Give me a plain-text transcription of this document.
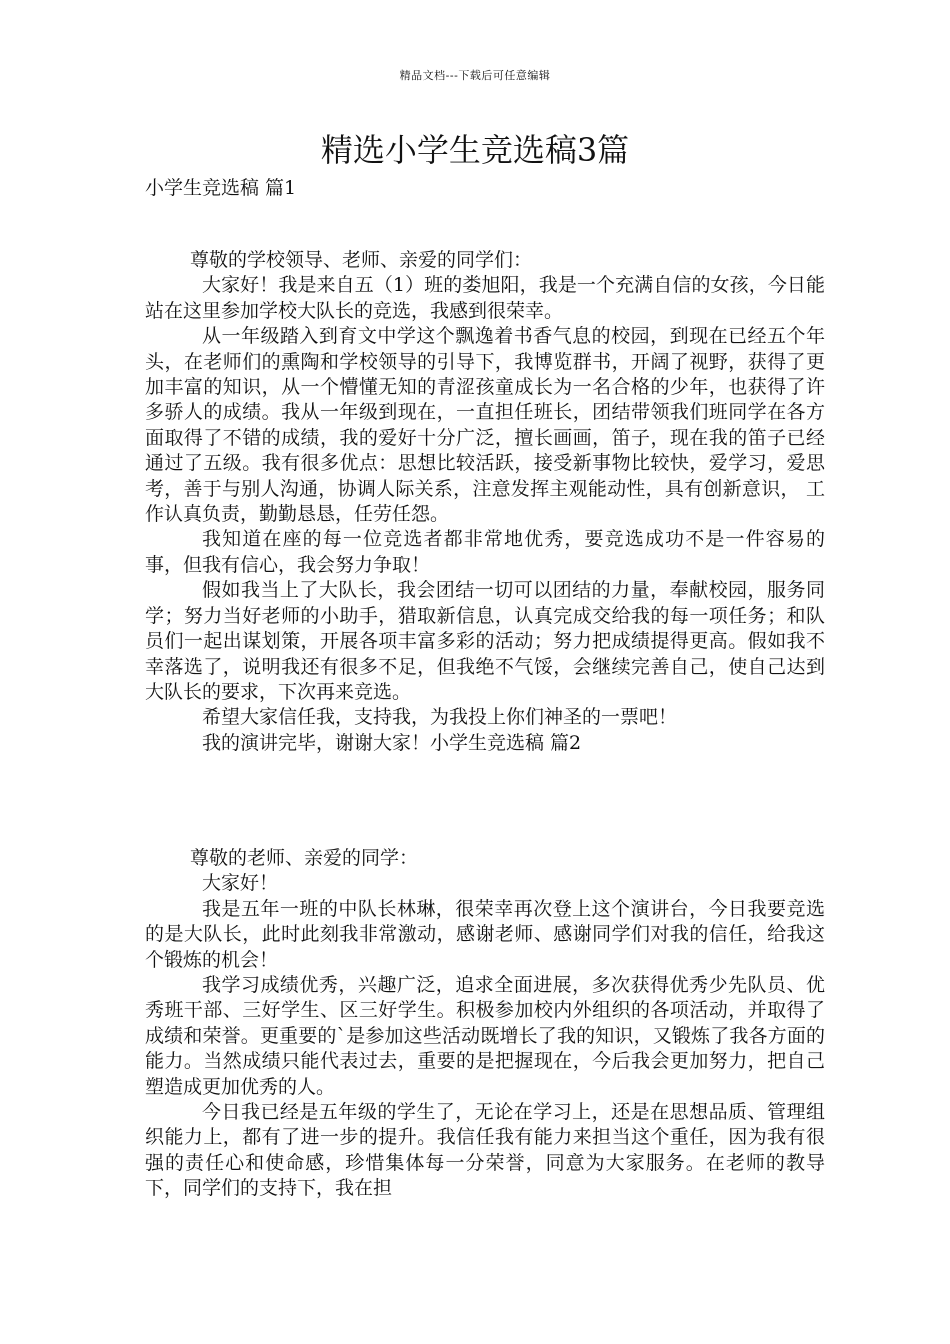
精品文档---下载后可任意编辑
精选小学生竞选稿3篇
小学生竞选稿 篇1

尊敬的学校领导、老师、亲爱的同学们：

大家好！我是来自五（1）班的娄旭阳，我是一个充满自信的女孩，今日能站在这里参加学校大队长的竞选，我感到很荣幸。

从一年级踏入到育文中学这个飘逸着书香气息的校园，到现在已经五个年头，在老师们的熏陶和学校领导的引导下，我博览群书，开阔了视野，获得了更加丰富的知识，从一个懵懂无知的青涩孩童成长为一名合格的少年，也获得了许多骄人的成绩。我从一年级到现在，一直担任班长，团结带领我们班同学在各方面取得了不错的成绩，我的爱好十分广泛，擅长画画，笛子，现在我的笛子已经通过了五级。我有很多优点：思想比较活跃，接受新事物比较快，爱学习，爱思考，善于与别人沟通，协调人际关系，注意发挥主观能动性，具有创新意识， 工作认真负责，勤勤恳恳，任劳任怨。

我知道在座的每一位竞选者都非常地优秀，要竞选成功不是一件容易的事，但我有信心，我会努力争取！

假如我当上了大队长，我会团结一切可以团结的力量，奉献校园，服务同学；努力当好老师的小助手，猎取新信息，认真完成交给我的每一项任务；和队员们一起出谋划策，开展各项丰富多彩的活动；努力把成绩提得更高。假如我不幸落选了，说明我还有很多不足，但我绝不气馁，会继续完善自己，使自己达到大队长的要求，下次再来竞选。

希望大家信任我，支持我，为我投上你们神圣的一票吧！

我的演讲完毕，谢谢大家！小学生竞选稿 篇2

尊敬的老师、亲爱的同学：

大家好！

我是五年一班的中队长林琳，很荣幸再次登上这个演讲台，今日我要竞选的是大队长，此时此刻我非常激动，感谢老师、感谢同学们对我的信任，给我这个锻炼的机会！

我学习成绩优秀，兴趣广泛，追求全面进展，多次获得优秀少先队员、优秀班干部、三好学生、区三好学生。积极参加校内外组织的各项活动，并取得了成绩和荣誉。更重要的`是参加这些活动既增长了我的知识，又锻炼了我各方面的能力。当然成绩只能代表过去，重要的是把握现在，今后我会更加努力，把自己塑造成更加优秀的人。

今日我已经是五年级的学生了，无论在学习上，还是在思想品质、管理组织能力上，都有了进一步的提升。我信任我有能力来担当这个重任，因为我有很强的责任心和使命感，珍惜集体每一分荣誉，同意为大家服务。在老师的教导下，同学们的支持下，我在担
